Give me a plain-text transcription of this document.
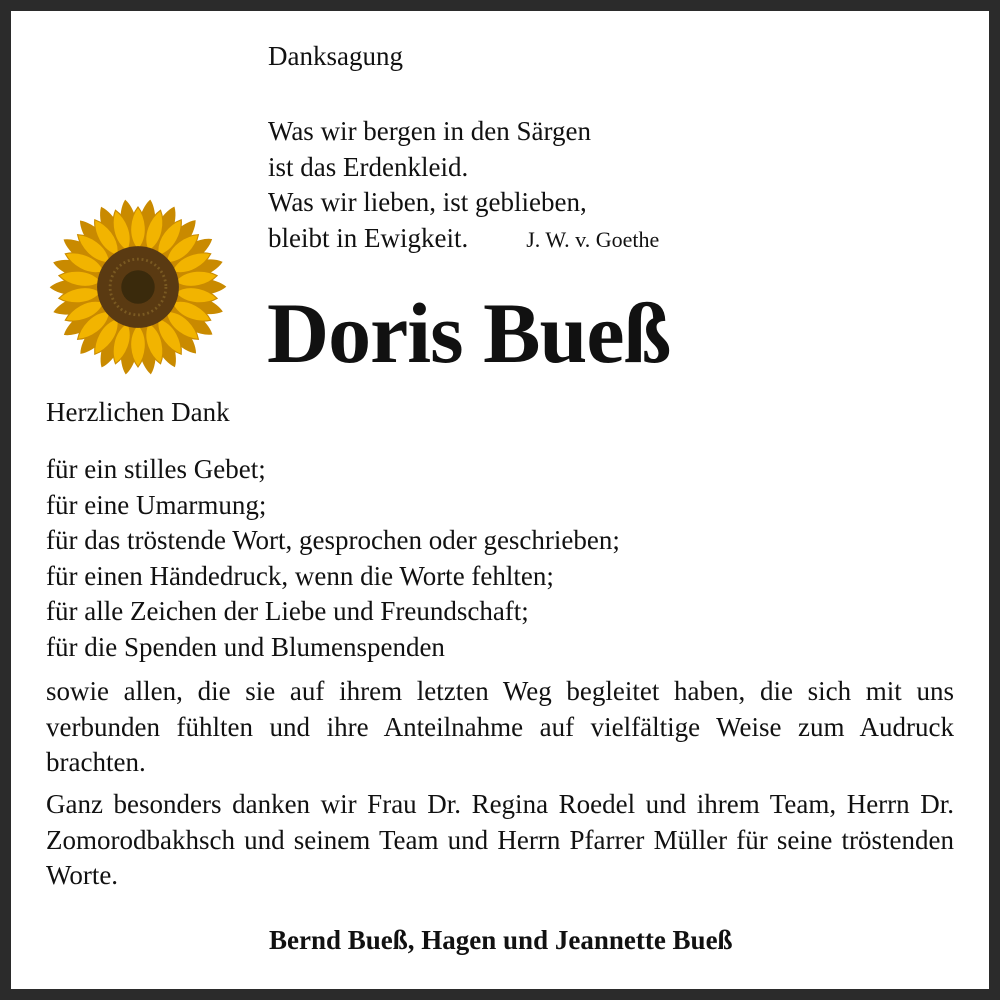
Danksagung
Was wir bergen in den Särgen
ist das Erdenkleid.
Was wir lieben, ist geblieben,
bleibt in Ewigkeit.	J. W. v. Goethe
Doris Bueß
Herzlichen Dank
für ein stilles Gebet;
für eine Umarmung;
für das tröstende Wort, gesprochen oder geschrieben;
für einen Händedruck, wenn die Worte fehlten;
für alle Zeichen der Liebe und Freundschaft;
für die Spenden und Blumenspenden
sowie allen, die sie auf ihrem letzten Weg begleitet haben, die sich mit uns verbunden fühlten und ihre Anteilnahme auf vielfältige Weise zum Audruck brachten.
Ganz besonders danken wir Frau Dr. Regina Roedel und ihrem Team, Herrn Dr. Zomorodbakhsch und seinem Team und Herrn Pfarrer Müller für seine tröstenden Worte.
Bernd Bueß, Hagen und Jeannette Bueß
